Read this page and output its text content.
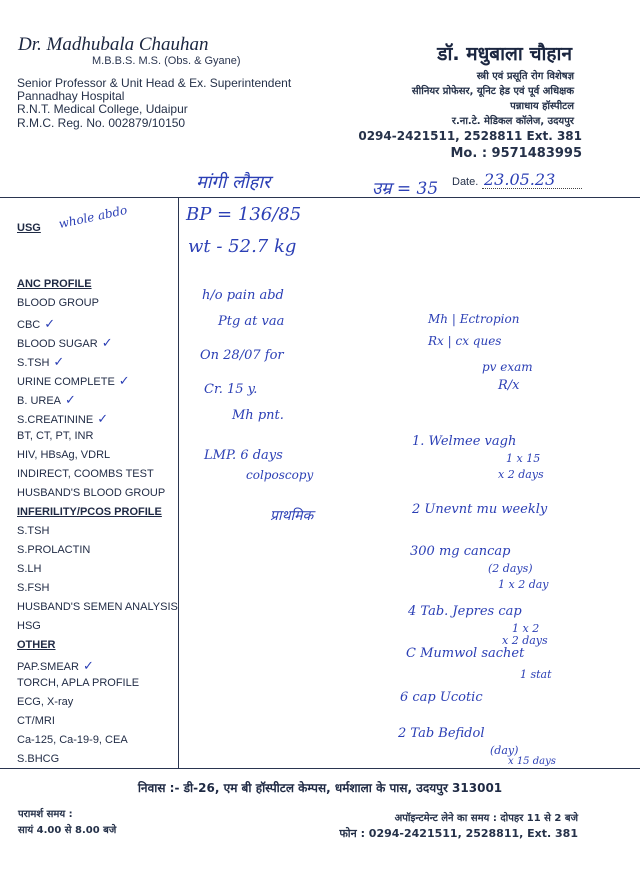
Dr. Madhubala Chauhan
M.B.B.S. M.S. (Obs. & Gyane)
Senior Professor & Unit Head & Ex. Superintendent
Pannadhay Hospital
R.N.T. Medical College, Udaipur
R.M.C. Reg. No. 002879/10150
डॉ. मधुबाला चौहान
स्त्री एवं प्रसूति रोग विशेषज्ञ
सीनियर प्रोफेसर, यूनिट हेड एवं पूर्व अधिक्षक
पन्नाधाय हॉस्पीटल
र.ना.टे. मेडिकल कॉलेज, उदयपुर
0294-2421511, 2528811 Ext. 381
Mo. : 9571483995
मांगी लौहार	उम्र = 35 Date. 23.05.23
USG whole abdo
ANC PROFILE
BLOOD GROUP
CBC ✓
BLOOD SUGAR ✓
S.TSH ✓
URINE COMPLETE ✓
B. UREA ✓
S.CREATININE ✓
BT, CT, PT, INR
HIV, HBsAg, VDRL
INDIRECT, COOMBS TEST
HUSBAND'S BLOOD GROUP
INFERILITY/PCOS PROFILE
S.TSH
S.PROLACTIN
S.LH
S.FSH
HUSBAND'S SEMEN ANALYSIS
HSG
OTHER
PAP.SMEAR ✓
TORCH, APLA PROFILE
ECG, X-ray
CT/MRI
Ca-125, Ca-19-9, CEA
S.BHCG
BP = 136/85
wt - 52.7 kg
h/o pain abd
Ptg at vaa
On 28/07 for
Cr. 15 y.
Mh pnt.
LMP. 6 days
colposcopy
प्राथमिक
Mh | Ectropion
Rx | cx ques
pv exam
R/x
1. Welmee vagh
1 x 15
x 2 days
2 Unevnt mu weekly
300 mg cancap
(2 days)
1 x 2 day
4 Tab. Jepres cap
1 x 2
x 2 days
C Mumwol sachet
1 stat
6 cap Ucotic
2 Tab Befidol
(day)
x 15 days
निवास :- डी-26, एम बी हॉस्पीटल केम्पस, धर्मशाला के पास, उदयपुर 313001
परामर्श समय :
सायं 4.00 से 8.00 बजे
अपॉइन्टमेन्ट लेने का समय : दोपहर 11 से 2 बजे
फोन : 0294-2421511, 2528811, Ext. 381
